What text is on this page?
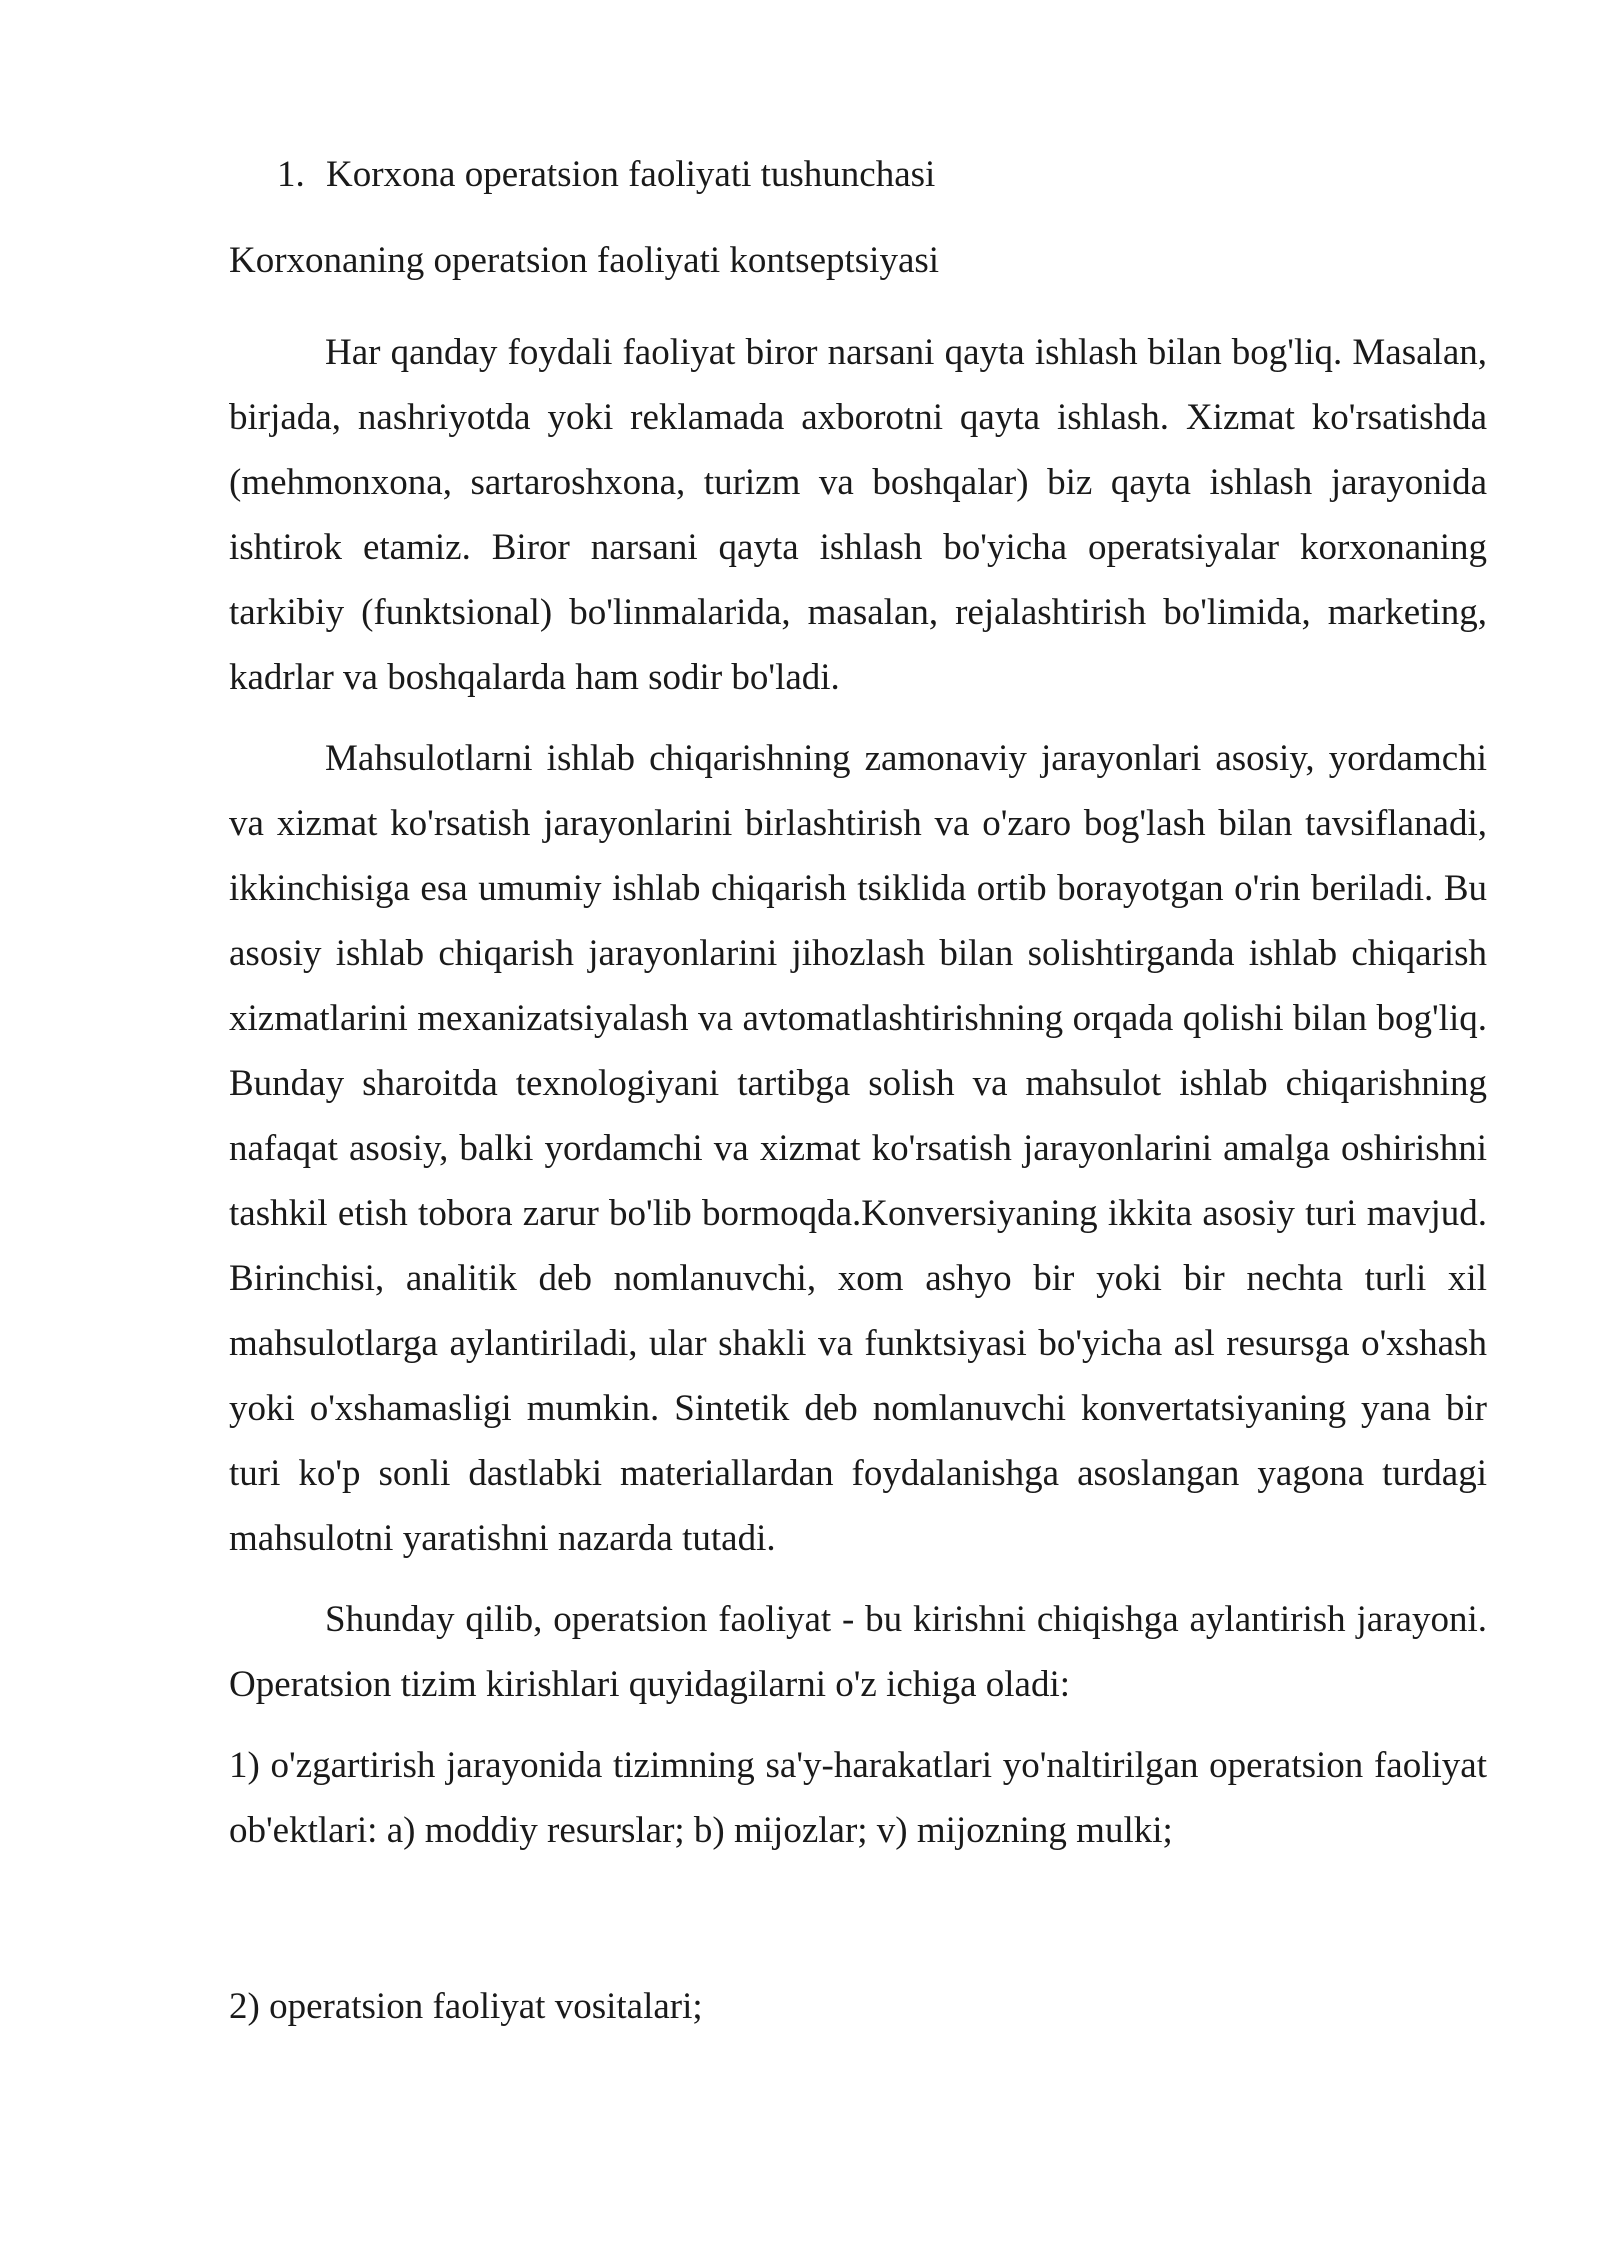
1. Korxona operatsion faoliyati tushunchasi

Korxonaning operatsion faoliyati kontseptsiyasi

Har qanday foydali faoliyat biror narsani qayta ishlash bilan bog'liq. Masalan, birjada, nashriyotda yoki reklamada axborotni qayta ishlash. Xizmat ko'rsatishda (mehmonxona, sartaroshxona, turizm va boshqalar) biz qayta ishlash jarayonida ishtirok etamiz. Biror narsani qayta ishlash bo'yicha operatsiyalar korxonaning tarkibiy (funktsional) bo'linmalarida, masalan, rejalashtirish bo'limida, marketing, kadrlar va boshqalarda ham sodir bo'ladi.

Mahsulotlarni ishlab chiqarishning zamonaviy jarayonlari asosiy, yordamchi va xizmat ko'rsatish jarayonlarini birlashtirish va o'zaro bog'lash bilan tavsiflanadi, ikkinchisiga esa umumiy ishlab chiqarish tsiklida ortib borayotgan o'rin beriladi. Bu asosiy ishlab chiqarish jarayonlarini jihozlash bilan solishtirganda ishlab chiqarish xizmatlarini mexanizatsiyalash va avtomatlashtirishning orqada qolishi bilan bog'liq. Bunday sharoitda texnologiyani tartibga solish va mahsulot ishlab chiqarishning nafaqat asosiy, balki yordamchi va xizmat ko'rsatish jarayonlarini amalga oshirishni tashkil etish tobora zarur bo'lib bormoqda.Konversiyaning ikkita asosiy turi mavjud. Birinchisi, analitik deb nomlanuvchi, xom ashyo bir yoki bir nechta turli xil mahsulotlarga aylantiriladi, ular shakli va funktsiyasi bo'yicha asl resursga o'xshash yoki o'xshamasligi mumkin. Sintetik deb nomlanuvchi konvertatsiyaning yana bir turi ko'p sonli dastlabki materiallardan foydalanishga asoslangan yagona turdagi mahsulotni yaratishni nazarda tutadi.

Shunday qilib, operatsion faoliyat - bu kirishni chiqishga aylantirish jarayoni. Operatsion tizim kirishlari quyidagilarni o'z ichiga oladi:

1) o'zgartirish jarayonida tizimning sa'y-harakatlari yo'naltirilgan operatsion faoliyat ob'ektlari: a) moddiy resurslar; b) mijozlar; v) mijozning mulki;

2) operatsion faoliyat vositalari;
